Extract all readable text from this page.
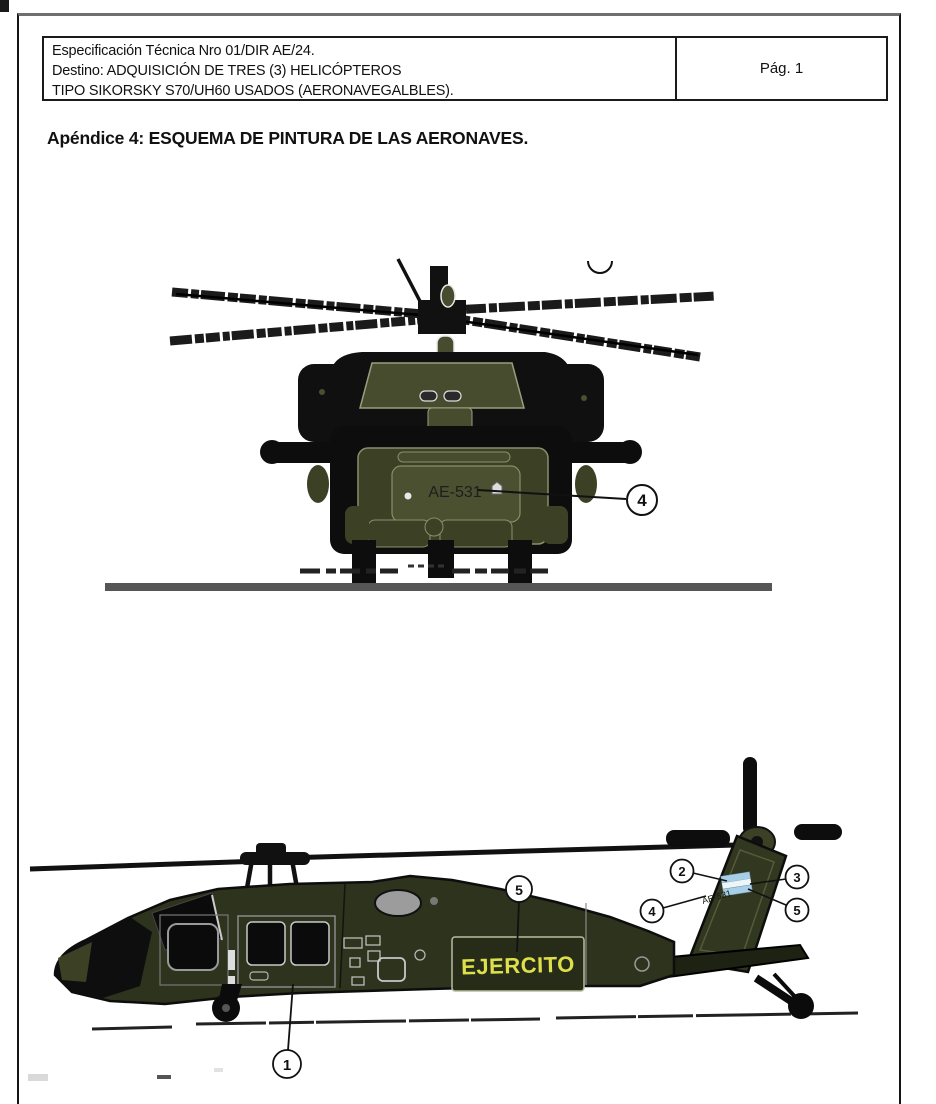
Especificación Técnica Nro 01/DIR AE/24.
Destino: ADQUISICIÓN DE TRES (3) HELICÓPTEROS
TIPO SIKORSKY S70/UH60 USADOS (AERONAVEGALBLES).
Pág. 1
Apéndice 4: ESQUEMA DE PINTURA DE LAS AERONAVES.
AE-531	4
EJERCITO
AE-531
1
5
2	3
4	5
